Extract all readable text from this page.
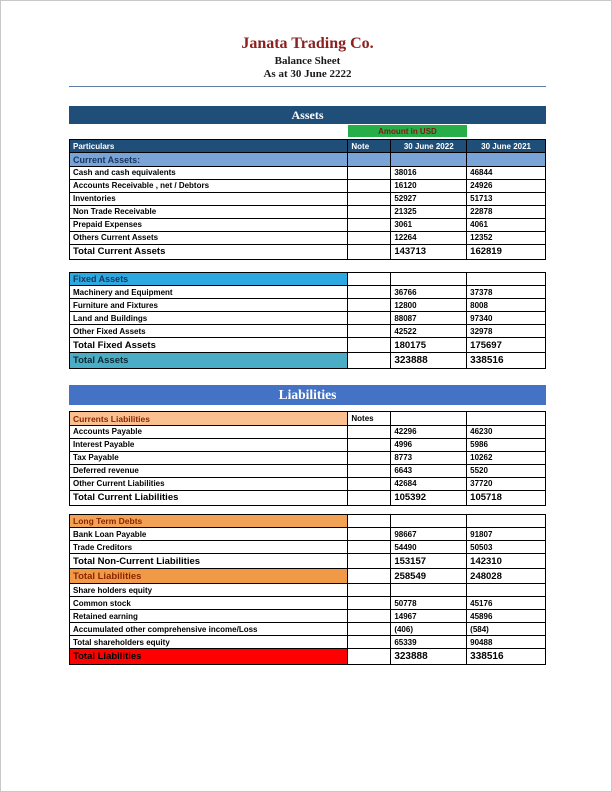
Janata Trading Co.
Balance Sheet
As at 30 June 2222
Assets
Amount in USD
Particulars	Note	30 June 2022	30 June 2021
Current Assets:
Cash and cash equivalents	38016	46844
Accounts Receivable , net / Debtors	16120	24926
Inventories	52927	51713
Non Trade Receivable	21325	22878
Prepaid Expenses	3061	4061
Others Current Assets	12264	12352
Total Current Assets	143713	162819
Fixed Assets
Machinery and Equipment	36766	37378
Furniture and Fixtures	12800	8008
Land and Buildings	88087	97340
Other Fixed Assets	42522	32978
Total Fixed Assets	180175	175697
Total Assets	323888	338516
Liabilities
Currents Liabilities	Notes
Accounts Payable	42296	46230
Interest Payable	4996	5986
Tax Payable	8773	10262
Deferred revenue	6643	5520
Other Current Liabilities	42684	37720
Total Current Liabilities	105392	105718
Long Term Debts
Bank Loan Payable	98667	91807
Trade Creditors	54490	50503
Total Non-Current Liabilities	153157	142310
Total Liabilities	258549	248028
Share holders equity
Common stock	50778	45176
Retained earning	14967	45896
Accumulated other comprehensive income/Loss	(406)	(584)
Total shareholders equity	65339	90488
Total Liabilities	323888	338516
